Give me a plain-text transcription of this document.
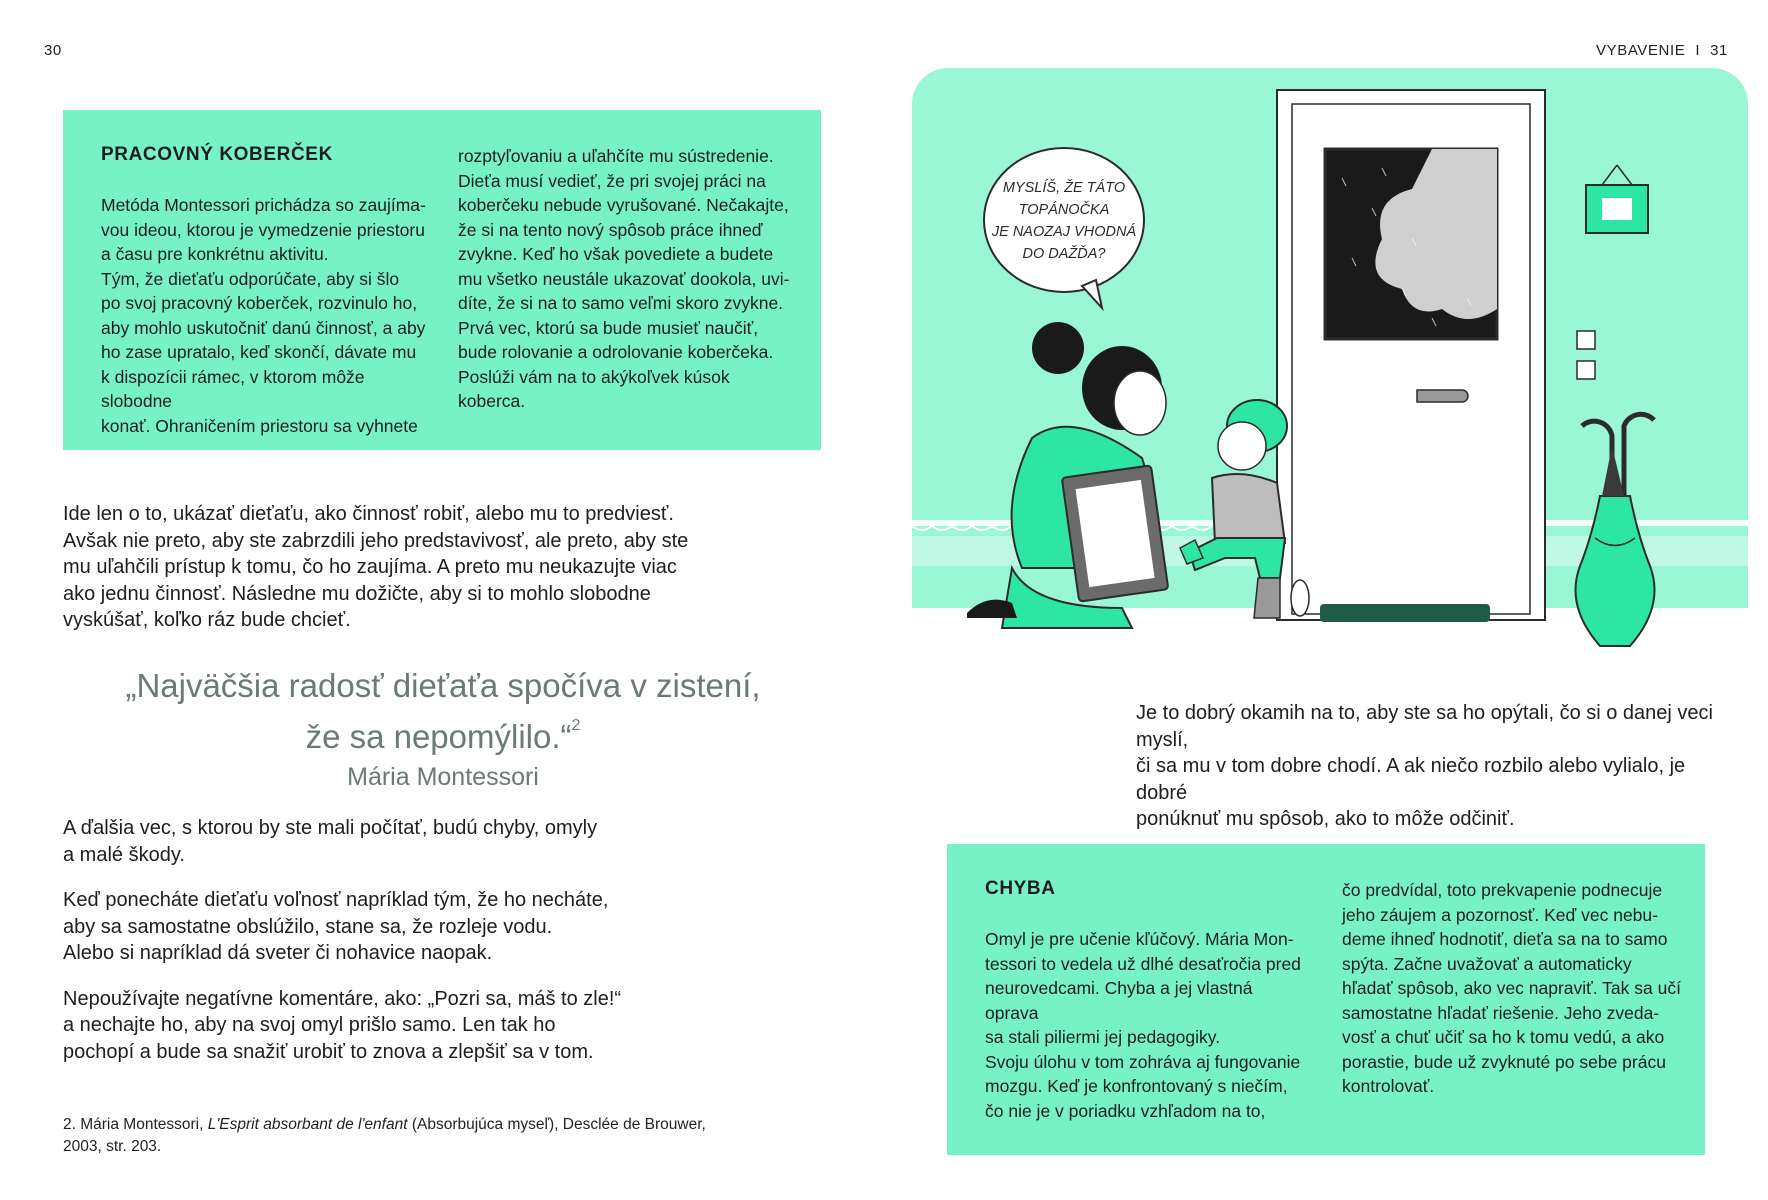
30	VYBAVENIE I 31
PRACOVNÝ KOBERČEK

Metóda Montessori prichádza so zaujíma-

vou ideou, ktorou je vymedzenie priestoru

a času pre konkrétnu aktivitu.

Tým, že dieťaťu odporúčate, aby si šlo

po svoj pracovný koberček, rozvinulo ho,

aby mohlo uskutočniť danú činnosť, a aby

ho zase upratalo, keď skončí, dávate mu

k dispozícii rámec, v ktorom môže slobodne

konať. Ohraničením priestoru sa vyhnete

rozptyľovaniu a uľahčíte mu sústredenie.

Dieťa musí vedieť, že pri svojej práci na

koberčeku nebude vyrušované. Nečakajte,

že si na tento nový spôsob práce ihneď

zvykne. Keď ho však povediete a budete

mu všetko neustále ukazovať dookola, uvi-

díte, že si na to samo veľmi skoro zvykne.

Prvá vec, ktorú sa bude musieť naučiť,

bude rolovanie a odrolovanie koberčeka.

Poslúži vám na to akýkoľvek kúsok

koberca.

Ide len o to, ukázať dieťaťu, ako činnosť robiť, alebo mu to predviesť.
Avšak nie preto, aby ste zabrzdili jeho predstavivosť, ale preto, aby ste
mu uľahčili prístup k tomu, čo ho zaujíma. A preto mu neukazujte viac
ako jednu činnosť. Následne mu dožičte, aby si to mohlo slobodne
vyskúšať, koľko ráz bude chcieť.

„Najväčšia radosť dieťaťa spočíva v zistení,
že sa nepomýlilo.“$^2$
Mária Montessori

A ďalšia vec, s ktorou by ste mali počítať, budú chyby, omyly
a malé škody.

Keď ponecháte dieťaťu voľnosť napríklad tým, že ho necháte,
aby sa samostatne obslúžilo, stane sa, že rozleje vodu.
Alebo si napríklad dá sveter či nohavice naopak.

Nepoužívajte negatívne komentáre, ako: „Pozri sa, máš to zle!“
a nechajte ho, aby na svoj omyl prišlo samo. Len tak ho
pochopí a bude sa snažiť urobiť to znova a zlepšiť sa v tom.

2. Mária Montessori, L'Esprit absorbant de l'enfant (Absorbujúca myseľ), Desclée de Brouwer,
2003, str. 203.
MYSLÍŠ, ŽE TÁTO
TOPÁNOČKA
JE NAOZAJ VHODNÁ
DO DAŽĎA?

Je to dobrý okamih na to, aby ste sa ho opýtali, čo si o danej veci myslí,
či sa mu v tom dobre chodí. A ak niečo rozbilo alebo vylialo, je dobré
ponúknuť mu spôsob, ako to môže odčiniť.

CHYBA

Omyl je pre učenie kľúčový. Mária Mon-

tessori to vedela už dlhé desaťročia pred

neurovedcami. Chyba a jej vlastná oprava

sa stali piliermi jej pedagogiky.

Svoju úlohu v tom zohráva aj fungovanie

mozgu. Keď je konfrontovaný s niečím,

čo nie je v poriadku vzhľadom na to,

čo predvídal, toto prekvapenie podnecuje

jeho záujem a pozornosť. Keď vec nebu-

deme ihneď hodnotiť, dieťa sa na to samo

spýta. Začne uvažovať a automaticky

hľadať spôsob, ako vec napraviť. Tak sa učí

samostatne hľadať riešenie. Jeho zveda-

vosť a chuť učiť sa ho k tomu vedú, a ako

porastie, bude už zvyknuté po sebe prácu

kontrolovať.
